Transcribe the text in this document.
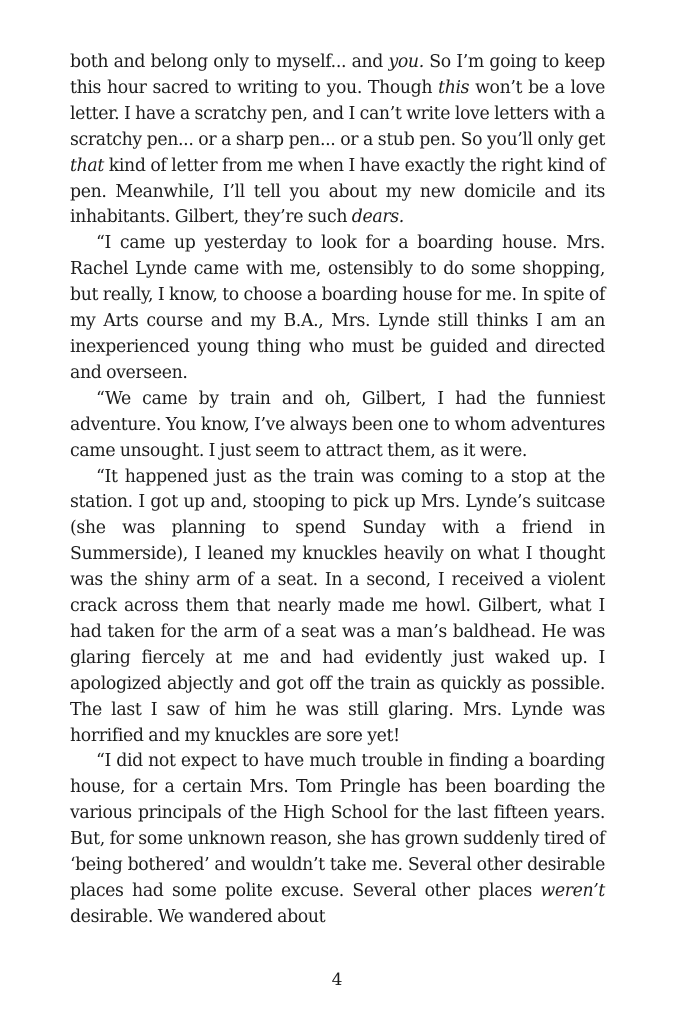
both and belong only to myself... and you. So I’m going to keep this hour sacred to writing to you. Though this won’t be a love letter. I have a scratchy pen, and I can’t write love letters with a scratchy pen... or a sharp pen... or a stub pen. So you’ll only get that kind of letter from me when I have exactly the right kind of pen. Meanwhile, I’ll tell you about my new domicile and its inhabitants. Gilbert, they’re such dears.

“I came up yesterday to look for a boarding house. Mrs. Rachel Lynde came with me, ostensibly to do some shopping, but really, I know, to choose a boarding house for me. In spite of my Arts course and my B.A., Mrs. Lynde still thinks I am an inexperienced young thing who must be guided and directed and overseen.

“We came by train and oh, Gilbert, I had the funniest adventure. You know, I’ve always been one to whom adventures came unsought. I just seem to attract them, as it were.

“It happened just as the train was coming to a stop at the station. I got up and, stooping to pick up Mrs. Lynde’s suitcase (she was planning to spend Sunday with a friend in Summerside), I leaned my knuckles heavily on what I thought was the shiny arm of a seat. In a second, I received a violent crack across them that nearly made me howl. Gilbert, what I had taken for the arm of a seat was a man’s baldhead. He was glaring fiercely at me and had evidently just waked up. I apologized abjectly and got off the train as quickly as possible. The last I saw of him he was still glaring. Mrs. Lynde was horrified and my knuckles are sore yet!

“I did not expect to have much trouble in finding a boarding house, for a certain Mrs. Tom Pringle has been boarding the various principals of the High School for the last fifteen years. But, for some unknown reason, she has grown suddenly tired of ‘being bothered’ and wouldn’t take me. Several other desirable places had some polite excuse. Several other places weren’t desirable. We wandered about

4
